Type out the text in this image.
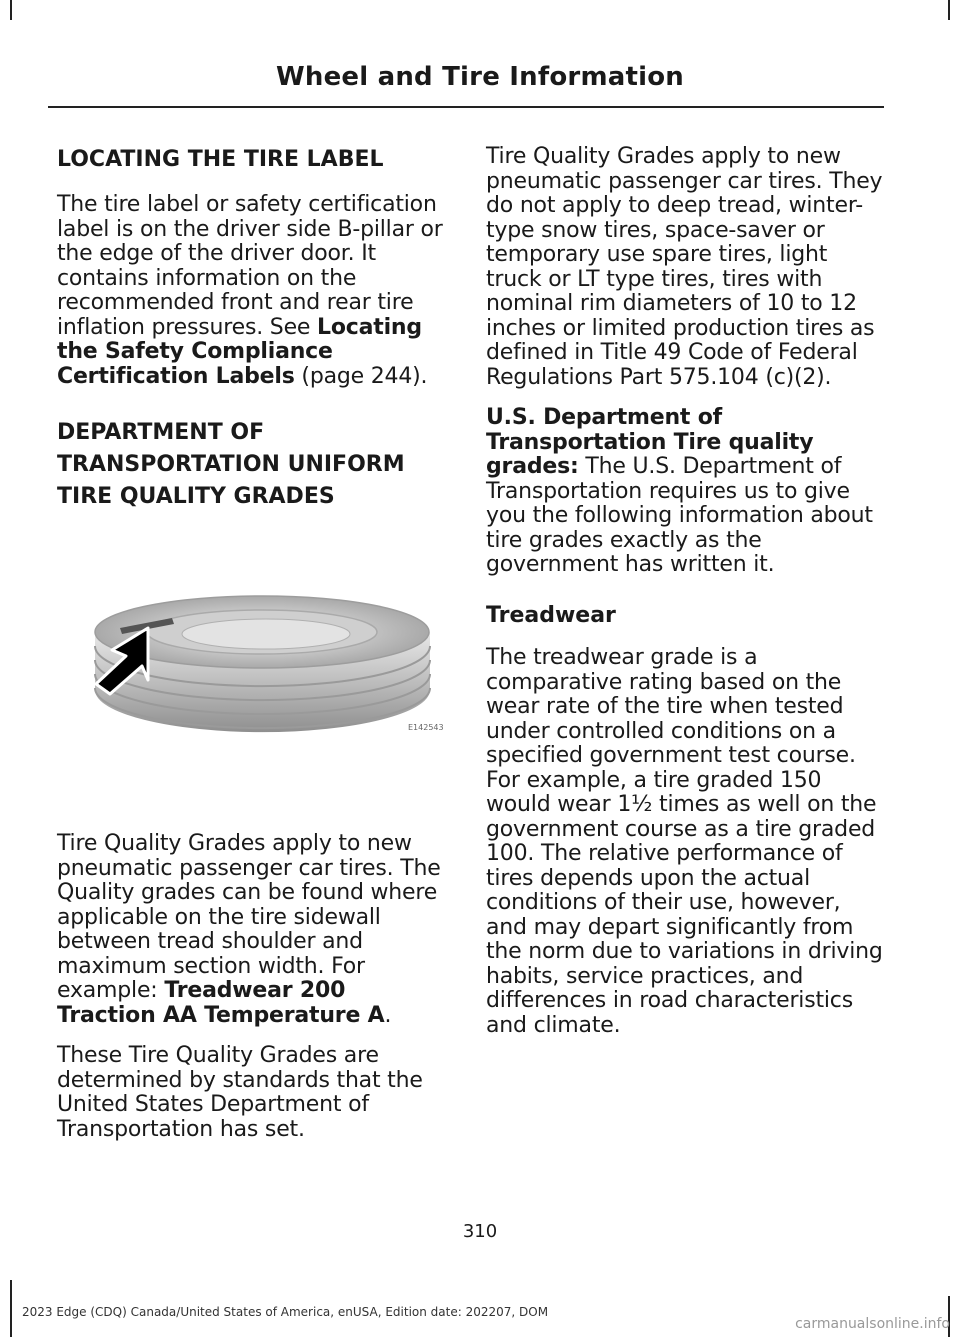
Wheel and Tire Information

LOCATING THE TIRE LABEL

The tire label or safety certification label is on the driver side B-pillar or the edge of the driver door. It contains information on the recommended front and rear tire inflation pressures. See Locating the Safety Compliance Certification Labels (page 244).

DEPARTMENT OF

TRANSPORTATION UNIFORM

TIRE QUALITY GRADES

E142543

Tire Quality Grades apply to new pneumatic passenger car tires. The Quality grades can be found where applicable on the tire sidewall between tread shoulder and maximum section width. For example: Treadwear 200 Traction AA Temperature A.

These Tire Quality Grades are determined by standards that the United States Department of Transportation has set.

Tire Quality Grades apply to new pneumatic passenger car tires. They do not apply to deep tread, winter-type snow tires, space-saver or temporary use spare tires, light truck or LT type tires, tires with nominal rim diameters of 10 to 12 inches or limited production tires as defined in Title 49 Code of Federal Regulations Part 575.104 (c)(2).

U.S. Department of Transportation Tire quality grades: The U.S. Department of Transportation requires us to give you the following information about tire grades exactly as the government has written it.

Treadwear

The treadwear grade is a comparative rating based on the wear rate of the tire when tested under controlled conditions on a specified government test course. For example, a tire graded 150 would wear 1½ times as well on the government course as a tire graded 100. The relative performance of tires depends upon the actual conditions of their use, however, and may depart significantly from the norm due to variations in driving habits, service practices, and differences in road characteristics and climate.

310
2023 Edge (CDQ) Canada/United States of America, enUSA, Edition date: 202207, DOM
carmanualsonline.info
